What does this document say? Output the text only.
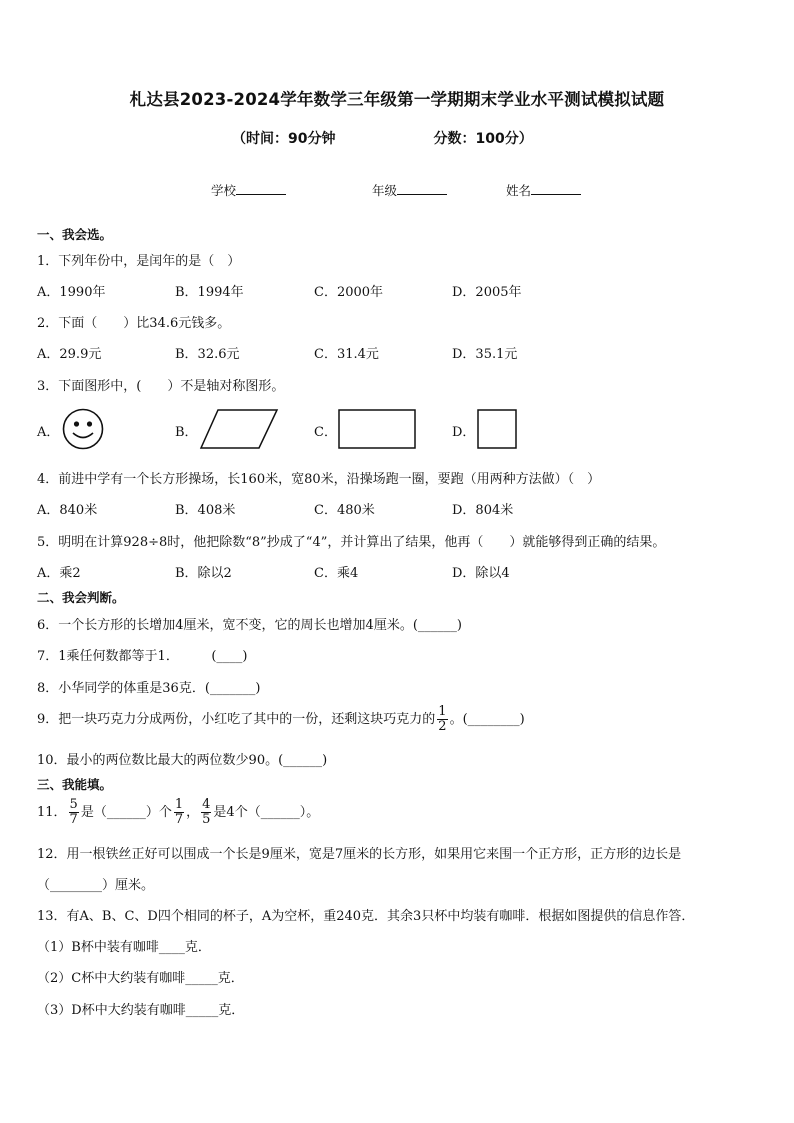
札达县2023-2024学年数学三年级第一学期期末学业水平测试模拟试题
（时间：90分钟	分数：100分）
学校	年级	姓名
一、我会选。
1．下列年份中，是闰年的是（　）
A．1990年	B．1994年	C．2000年	D．2005年
2．下面（　　）比34.6元钱多。
A．29.9元	B．32.6元	C．31.4元	D．35.1元
3．下面图形中，(　　）不是轴对称图形。
A．	B．	C．	D．
4．前进中学有一个长方形操场，长160米，宽80米，沿操场跑一圈，要跑（用两种方法做）（　）
A．840米	B．408米	C．480米	D．804米
5．明明在计算928÷8时，他把除数“8”抄成了“4”，并计算出了结果，他再（　　）就能够得到正确的结果。
A．乘2	B．除以2	C．乘4	D．除以4
二、我会判断。
6．一个长方形的长增加4厘米，宽不变，它的周长也增加4厘米。(______)
7．1乘任何数都等于1．　　　(____)
8．小华同学的体重是36克．(_______)
9．把一块巧克力分成两份，小红吃了其中的一份，还剩这块巧克力的 $\frac{1}{2}$ 。(________)
10．最小的两位数比最大的两位数少90。(______)
三、我能填。
11． $\frac{5}{7}$ 是（______）个 $\frac{1}{7}$ ， $\frac{4}{5}$ 是4个（______）。
12．用一根铁丝正好可以围成一个长是9厘米，宽是7厘米的长方形，如果用它来围一个正方形，正方形的边长是
（________）厘米。
13．有A、B、C、D四个相同的杯子，A为空杯，重240克．其余3只杯中均装有咖啡．根据如图提供的信息作答．
（1）B杯中装有咖啡____克．
（2）C杯中大约装有咖啡_____克．
（3）D杯中大约装有咖啡_____克．
